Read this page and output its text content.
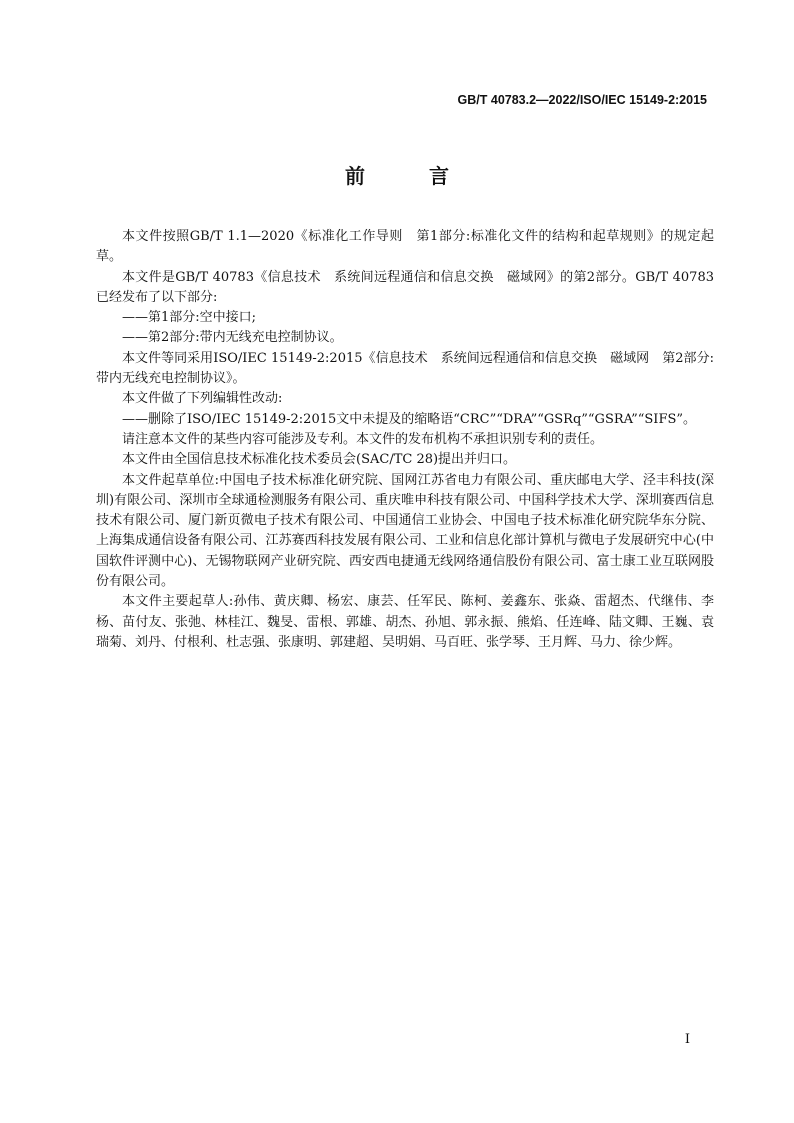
GB/T 40783.2—2022/ISO/IEC 15149-2:2015
前　言

本文件按照GB/T 1.1—2020《标准化工作导则　第1部分:标准化文件的结构和起草规则》的规定起草。

本文件是GB/T 40783《信息技术　系统间远程通信和信息交换　磁域网》的第2部分。GB/T 40783已经发布了以下部分:

——第1部分:空中接口;

——第2部分:带内无线充电控制协议。

本文件等同采用ISO/IEC 15149-2:2015《信息技术　系统间远程通信和信息交换　磁域网　第2部分:带内无线充电控制协议》。

本文件做了下列编辑性改动:

——删除了ISO/IEC 15149-2:2015文中未提及的缩略语“CRC”“DRA”“GSRq”“GSRA”“SIFS”。

请注意本文件的某些内容可能涉及专利。本文件的发布机构不承担识别专利的责任。

本文件由全国信息技术标准化技术委员会(SAC/TC 28)提出并归口。

本文件起草单位:中国电子技术标准化研究院、国网江苏省电力有限公司、重庆邮电大学、泾丰科技(深圳)有限公司、深圳市全球通检测服务有限公司、重庆唯申科技有限公司、中国科学技术大学、深圳赛西信息技术有限公司、厦门新页微电子技术有限公司、中国通信工业协会、中国电子技术标准化研究院华东分院、上海集成通信设备有限公司、江苏赛西科技发展有限公司、工业和信息化部计算机与微电子发展研究中心(中国软件评测中心)、无锡物联网产业研究院、西安西电捷通无线网络通信股份有限公司、富士康工业互联网股份有限公司。

本文件主要起草人:孙伟、黄庆卿、杨宏、康芸、任军民、陈柯、姜鑫东、张焱、雷超杰、代继伟、李杨、苗付友、张弛、林桂江、魏旻、雷根、郭雄、胡杰、孙旭、郭永振、熊焰、任连峰、陆文卿、王巍、袁瑞菊、刘丹、付根利、杜志强、张康明、郭建超、吴明娟、马百旺、张学琴、王月辉、马力、徐少辉。

I
